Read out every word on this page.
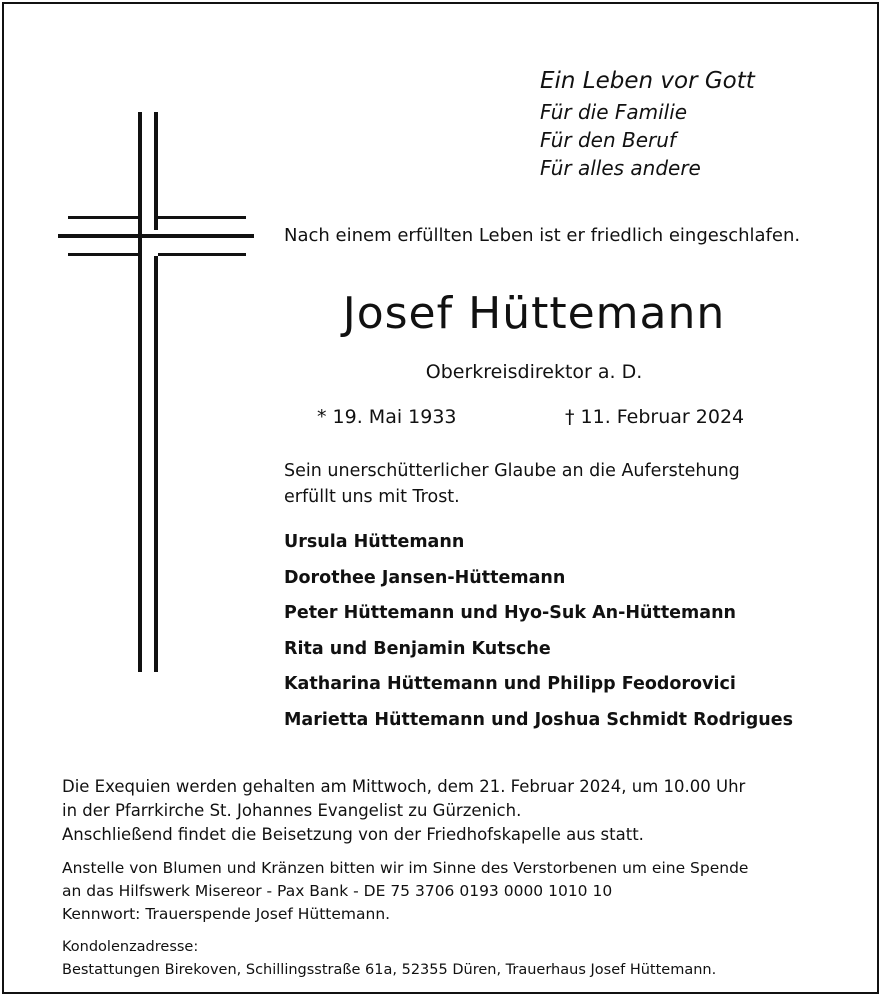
Ein Leben vor Gott
Für die Familie
Für den Beruf
Für alles andere
Nach einem erfüllten Leben ist er friedlich eingeschlafen.
Josef Hüttemann
Oberkreisdirektor a. D.
* 19. Mai 1933	† 11. Februar 2024
Sein unerschütterlicher Glaube an die Auferstehung
erfüllt uns mit Trost.
Ursula Hüttemann
Dorothee Jansen-Hüttemann
Peter Hüttemann und Hyo-Suk An-Hüttemann
Rita und Benjamin Kutsche
Katharina Hüttemann und Philipp Feodorovici
Marietta Hüttemann und Joshua Schmidt Rodrigues
Die Exequien werden gehalten am Mittwoch, dem 21. Februar 2024, um 10.00 Uhr
in der Pfarrkirche St. Johannes Evangelist zu Gürzenich.
Anschließend findet die Beisetzung von der Friedhofskapelle aus statt.
Anstelle von Blumen und Kränzen bitten wir im Sinne des Verstorbenen um eine Spende
an das Hilfswerk Misereor - Pax Bank - DE 75 3706 0193 0000 1010 10
Kennwort: Trauerspende Josef Hüttemann.
Kondolenzadresse:
Bestattungen Birekoven, Schillingsstraße 61a, 52355 Düren, Trauerhaus Josef Hüttemann.
